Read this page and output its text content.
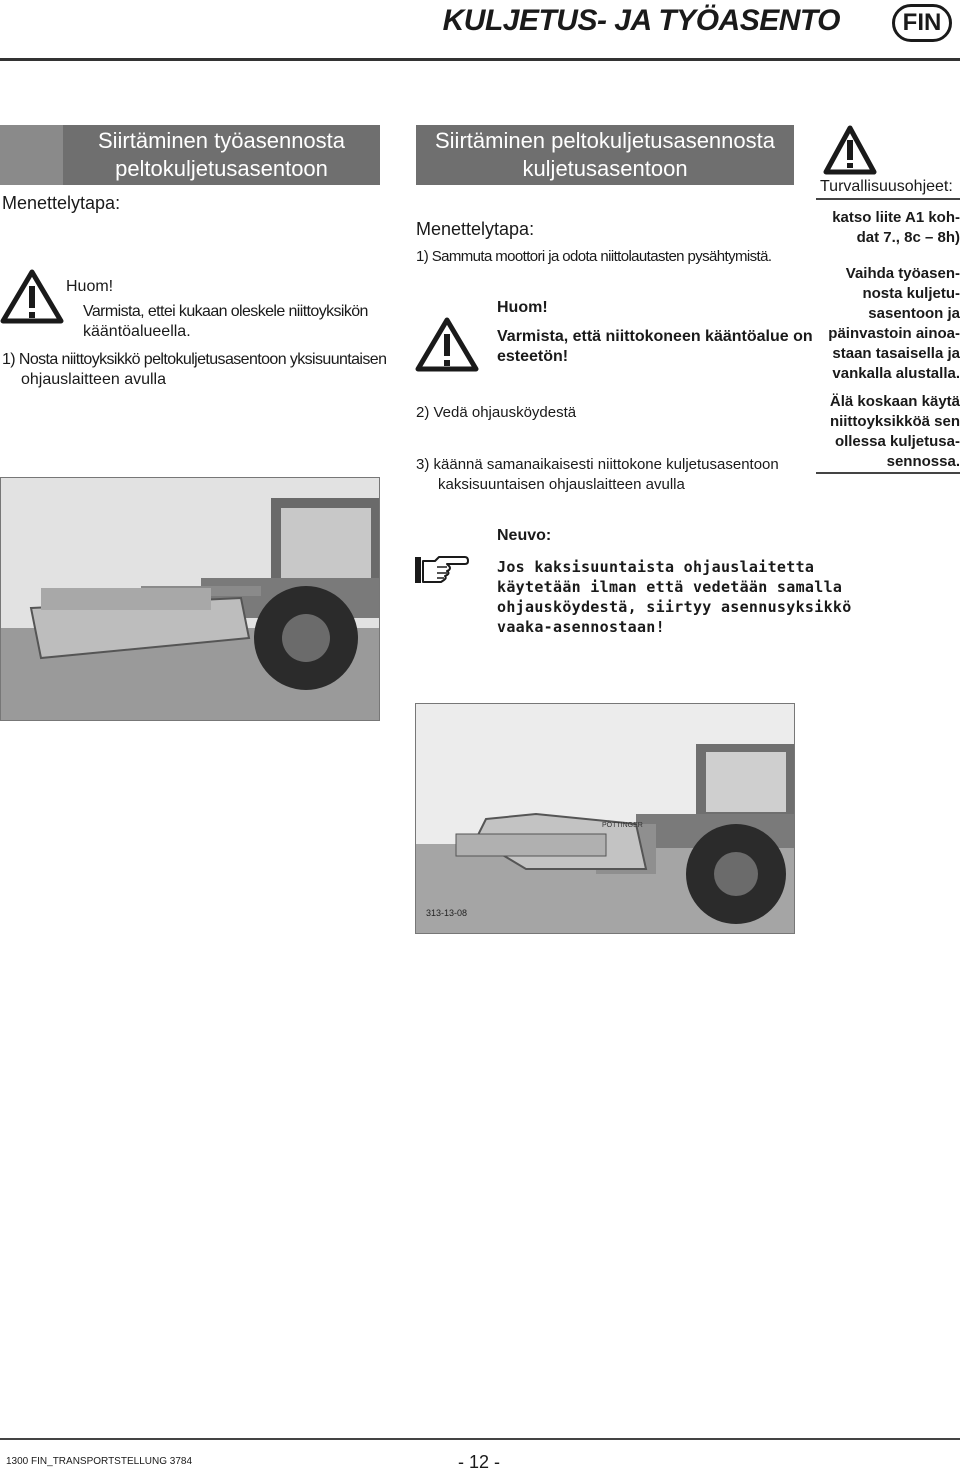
KULJETUS- JA TYÖASENTO	FIN
Siirtäminen työasennosta
peltokuljetusasentoon
Menettelytapa:
Huom!
Varmista, ettei kukaan oleskele niittoyksikön
kääntöalueella.
1) Nosta niittoyksikkö peltokuljetusasentoon yksisuuntaisen
ohjauslaitteen avulla
Siirtäminen peltokuljetusasennosta
kuljetusasentoon
Menettelytapa:
1) Sammuta moottori ja odota niittolautasten pysähtymistä.
Huom!
Varmista, että niittokoneen kääntöalue on
esteetön!
2) Vedä ohjausköydestä
3) käännä samanaikaisesti niittokone kuljetusasentoon
kaksisuuntaisen ohjauslaitteen avulla
Neuvo:
Jos kaksisuuntaista ohjauslaitetta
käytetään ilman että vedetään samalla
ohjausköydestä, siirtyy asennusyksikkö
vaaka-asennostaan!
PÖTTINGER
313-13-08
Turvallisuusohjeet:

katso liite A1 koh-

dat 7., 8c – 8h)

Vaihda työasen-

nosta kuljetu-

sasentoon ja

päinvastoin ainoa-

staan tasaisella ja

vankalla alustalla.

Älä koskaan käytä

niittoyksikköä sen

ollessa kuljetusa-

sennossa.

1300 FIN_TRANSPORTSTELLUNG 3784	- 12 -
